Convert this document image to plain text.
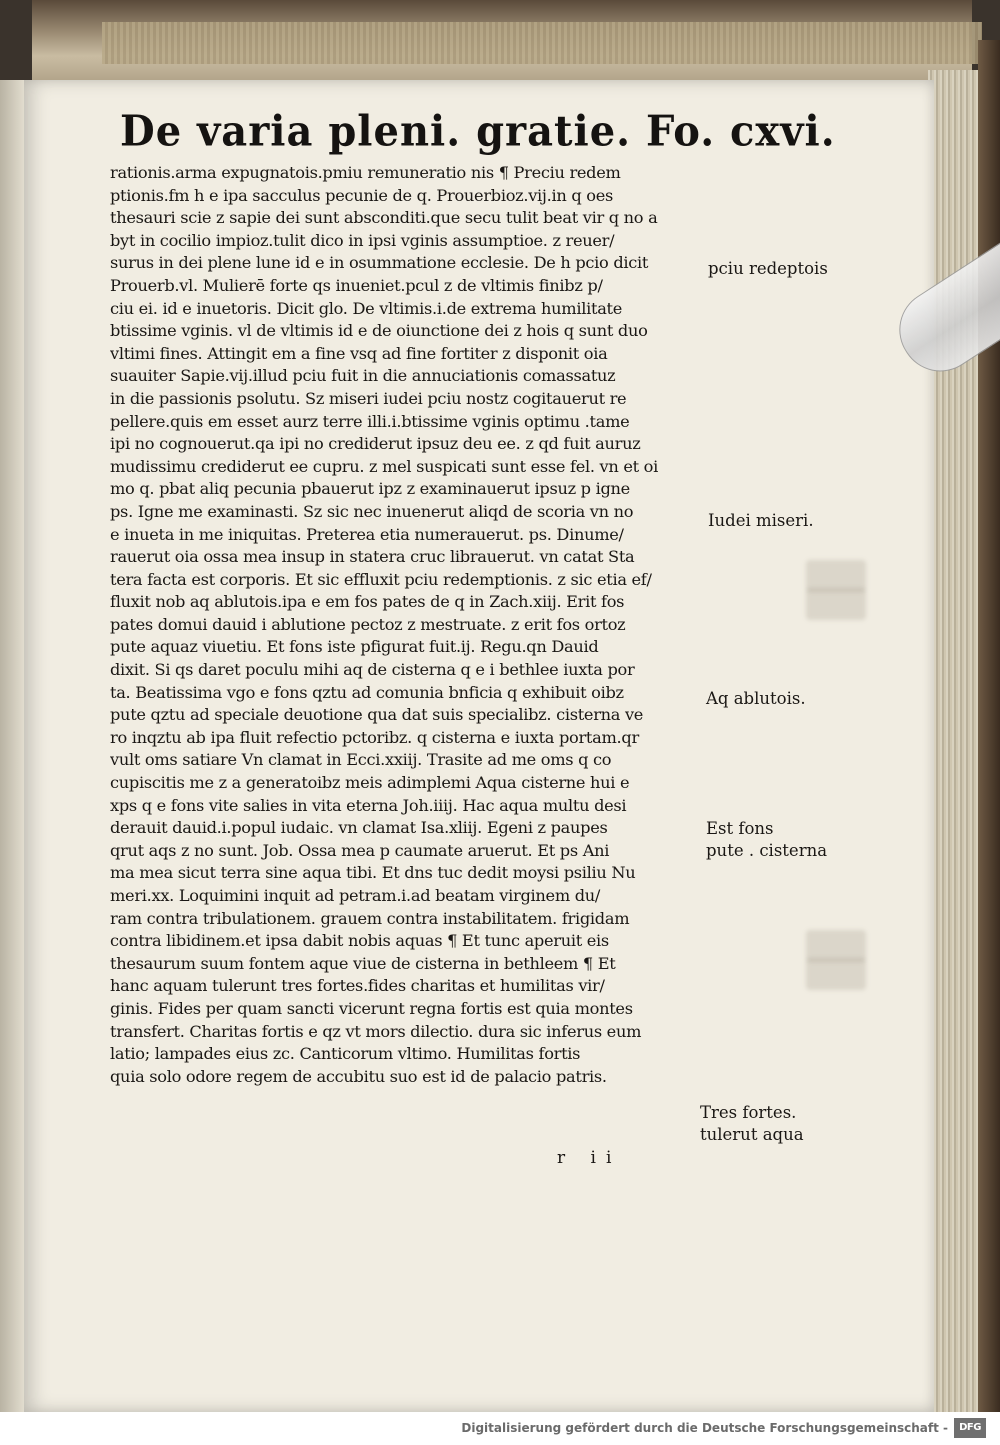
De varia pleni. gratie. Fo. cxvi.
rationis.arma expugnatois.pmiu remuneratio nis ¶ Preciu redem
ptionis.fm h e ipa sacculus pecunie de q. Prouerbioz.vij.in q oes
thesauri scie z sapie dei sunt absconditi.que secu tulit beat vir q no a
byt in cocilio impioz.tulit dico in ipsi vginis assumptioe. z reuer/
surus in dei plene lune id e in osummatione ecclesie. De h pcio dicit
Prouerb.vl. Mulierē forte qs inueniet.pcul z de vltimis finibz p/
ciu ei. id e inuetoris. Dicit glo. De vltimis.i.de extrema humilitate
btissime vginis. vl de vltimis id e de oiunctione dei z hois q sunt duo
vltimi fines. Attingit em a fine vsq ad fine fortiter z disponit oia
suauiter Sapie.vij.illud pciu fuit in die annuciationis comassatuz
in die passionis psolutu. Sz miseri iudei pciu nostz cogitauerut re
pellere.quis em esset aurz terre illi.i.btissime vginis optimu .tame
ipi no cognouerut.qa ipi no crediderut ipsuz deu ee. z qd fuit auruz
mudissimu crediderut ee cupru. z mel suspicati sunt esse fel. vn et oi
mo q. pbat aliq pecunia pbauerut ipz z examinauerut ipsuz p igne
ps. Igne me examinasti. Sz sic nec inuenerut aliqd de scoria vn no
e inueta in me iniquitas. Preterea etia numerauerut. ps. Dinume/
rauerut oia ossa mea insup in statera cruc librauerut. vn catat Sta
tera facta est corporis. Et sic effluxit pciu redemptionis. z sic etia ef/
fluxit nob aq ablutois.ipa e em fos pates de q in Zach.xiij. Erit fos
pates domui dauid i ablutione pectoz z mestruate. z erit fos ortoz
pute aquaz viuetiu. Et fons iste pfigurat fuit.ij. Regu.qn Dauid
dixit. Si qs daret poculu mihi aq de cisterna q e i bethlee iuxta por
ta. Beatissima vgo e fons qztu ad comunia bnficia q exhibuit oibz
pute qztu ad speciale deuotione qua dat suis specialibz. cisterna ve
ro inqztu ab ipa fluit refectio pctoribz. q cisterna e iuxta portam.qr
vult oms satiare Vn clamat in Ecci.xxiij. Trasite ad me oms q co
cupiscitis me z a generatoibz meis adimplemi Aqua cisterne hui e
xps q e fons vite salies in vita eterna Joh.iiij. Hac aqua multu desi
derauit dauid.i.popul iudaic. vn clamat Isa.xliij. Egeni z paupes
qrut aqs z no sunt. Job. Ossa mea p caumate aruerut. Et ps Ani
ma mea sicut terra sine aqua tibi. Et dns tuc dedit moysi psiliu Nu
meri.xx. Loquimini inquit ad petram.i.ad beatam virginem du/
ram contra tribulationem. grauem contra instabilitatem. frigidam
contra libidinem.et ipsa dabit nobis aquas ¶ Et tunc aperuit eis
thesaurum suum fontem aque viue de cisterna in bethleem ¶ Et
hanc aquam tulerunt tres fortes.fides charitas et humilitas vir/
ginis. Fides per quam sancti vicerunt regna fortis est quia montes
transfert. Charitas fortis e qz vt mors dilectio. dura sic inferus eum
latio; lampades eius zc. Canticorum vltimo. Humilitas fortis
quia solo odore regem de accubitu suo est id de palacio patris.
r ii
pciu redeptois
Iudei miseri.
Aq ablutois.
Est fons
pute . cisterna
Tres fortes.
tulerut aqua
Digitalisierung gefördert durch die Deutsche Forschungsgemeinschaft -	DFG
